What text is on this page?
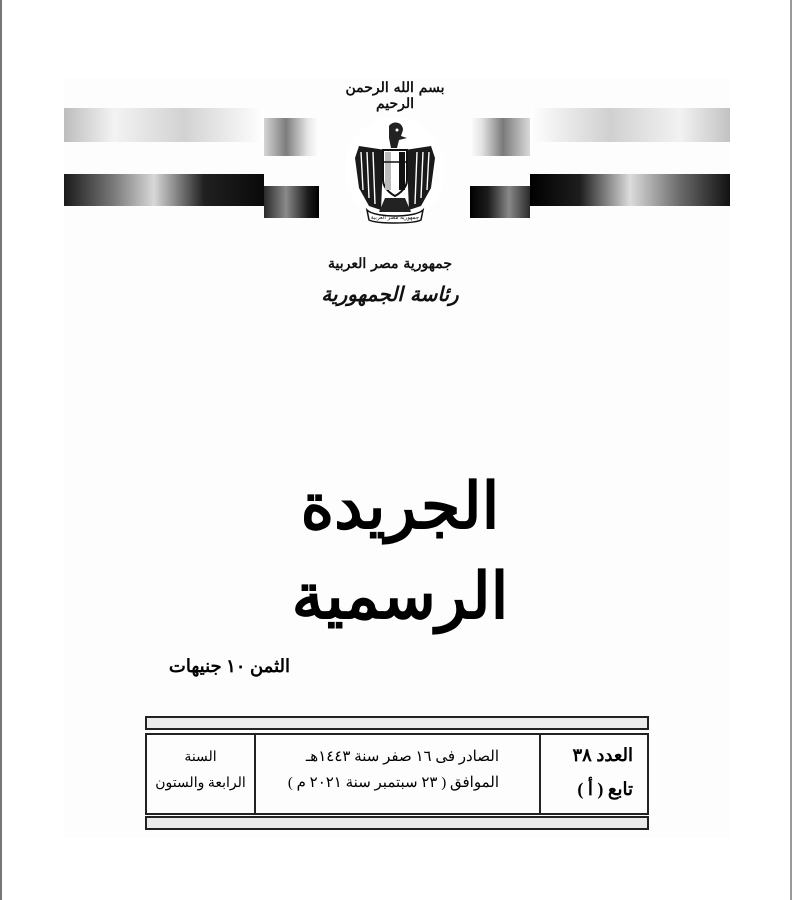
بسم الله الرحمن الرحيم
جمهورية مصر العربية
جمهورية مصر العربية
رئاسة الجمهورية
الجريدة الرسمية
الثمن ١٠ جنيهات
العدد ٣٨
تابع ( أ )
الصادر فى ١٦ صفر سنة ١٤٤٣هـ
الموافق ( ٢٣ سبتمبر سنة ٢٠٢١ م )
السنة
الرابعة والستون
